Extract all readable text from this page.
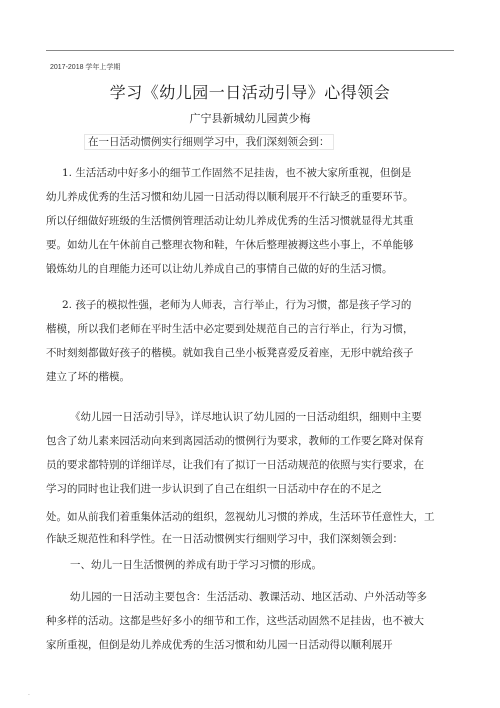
2017-2018 学年上学期
学习《幼儿园一日活动引导》心得领会
广宁县新城幼儿园黄少梅
在一日活动惯例实行细则学习中，我们深刻领会到：
1. 生活活动中好多小的细节工作固然不足挂齿，也不被大家所重视，但倒是
幼儿养成优秀的生活习惯和幼儿园一日活动得以顺利展开不行缺乏的重要环节。
所以仔细做好班级的生活惯例管理活动让幼儿养成优秀的生活习惯就显得尤其重
要。如幼儿在午休前自己整理衣物和鞋，午休后整理被褥这些小事上，不单能够
锻炼幼儿的自理能力还可以让幼儿养成自己的事情自己做的好的生活习惯。
2. 孩子的模拟性强，老师为人师表，言行举止，行为习惯，都是孩子学习的
楷模，所以我们老师在平时生活中必定要到处规范自己的言行举止，行为习惯，
不时刻刻都做好孩子的楷模。就如我自己坐小板凳喜爱反着座，无形中就给孩子
建立了坏的楷模。
《幼儿园一日活动引导》，详尽地认识了幼儿园的一日活动组织，细则中主要
包含了幼儿素来园活动向来到离园活动的惯例行为要求，教师的工作要乞降对保育
员的要求都特别的详细详尽，让我们有了拟订一日活动规范的依照与实行要求，在
学习的同时也让我们进一步认识到了自己在组织一日活动中存在的不足之
处。如从前我们着重集体活动的组织，忽视幼儿习惯的养成，生活环节任意性大，工
作缺乏规范性和科学性。在一日活动惯例实行细则学习中，我们深刻领会到：
一、幼儿一日生活惯例的养成有助于学习习惯的形成。
幼儿园的一日活动主要包含：生活活动、教课活动、地区活动、户外活动等多
种多样的活动。这都是些好多小的细节和工作，这些活动固然不足挂齿，也不被大
家所重视，但倒是幼儿养成优秀的生活习惯和幼儿园一日活动得以顺利展开
.
